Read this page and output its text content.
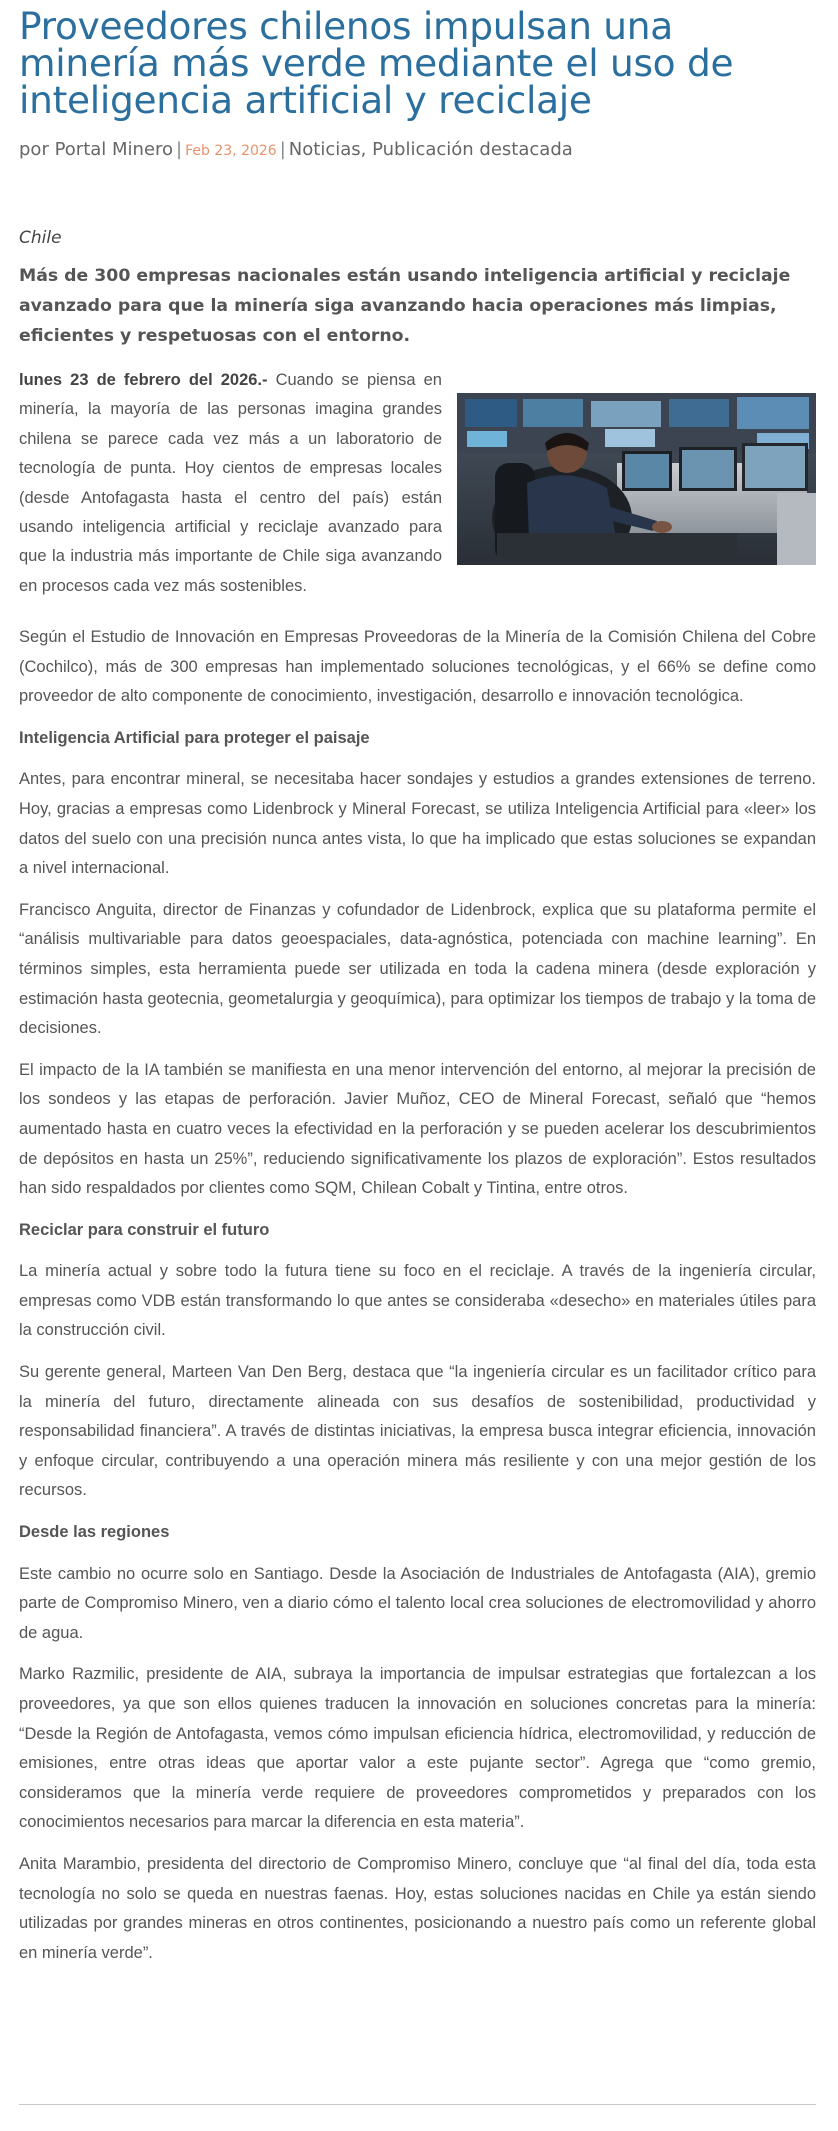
Proveedores chilenos impulsan una minería más verde mediante el uso de inteligencia artificial y reciclaje
por Portal Minero | Feb 23, 2026 | Noticias, Publicación destacada
Chile

Más de 300 empresas nacionales están usando inteligencia artificial y reciclaje avanzado para que la minería siga avanzando hacia operaciones más limpias, eficientes y respetuosas con el entorno.

lunes 23 de febrero del 2026.- Cuando se piensa en minería, la mayoría de las personas imagina grandes chilena se parece cada vez más a un laboratorio de tecnología de punta. Hoy cientos de empresas locales (desde Antofagasta hasta el centro del país) están usando inteligencia artificial y reciclaje avanzado para que la industria más importante de Chile siga avanzando en procesos cada vez más sostenibles.

Según el Estudio de Innovación en Empresas Proveedoras de la Minería de la Comisión Chilena del Cobre (Cochilco), más de 300 empresas han implementado soluciones tecnológicas, y el 66% se define como proveedor de alto componente de conocimiento, investigación, desarrollo e innovación tecnológica.

Inteligencia Artificial para proteger el paisaje

Antes, para encontrar mineral, se necesitaba hacer sondajes y estudios a grandes extensiones de terreno. Hoy, gracias a empresas como Lidenbrock y Mineral Forecast, se utiliza Inteligencia Artificial para «leer» los datos del suelo con una precisión nunca antes vista, lo que ha implicado que estas soluciones se expandan a nivel internacional.

Francisco Anguita, director de Finanzas y cofundador de Lidenbrock, explica que su plataforma permite el “análisis multivariable para datos geoespaciales, data-agnóstica, potenciada con machine learning”. En términos simples, esta herramienta puede ser utilizada en toda la cadena minera (desde exploración y estimación hasta geotecnia, geometalurgia y geoquímica), para optimizar los tiempos de trabajo y la toma de decisiones.

El impacto de la IA también se manifiesta en una menor intervención del entorno, al mejorar la precisión de los sondeos y las etapas de perforación. Javier Muñoz, CEO de Mineral Forecast, señaló que “hemos aumentado hasta en cuatro veces la efectividad en la perforación y se pueden acelerar los descubrimientos de depósitos en hasta un 25%”, reduciendo significativamente los plazos de exploración”. Estos resultados han sido respaldados por clientes como SQM, Chilean Cobalt y Tintina, entre otros.

Reciclar para construir el futuro

La minería actual y sobre todo la futura tiene su foco en el reciclaje. A través de la ingeniería circular, empresas como VDB están transformando lo que antes se consideraba «desecho» en materiales útiles para la construcción civil.

Su gerente general, Marteen Van Den Berg, destaca que “la ingeniería circular es un facilitador crítico para la minería del futuro, directamente alineada con sus desafíos de sostenibilidad, productividad y responsabilidad financiera”. A través de distintas iniciativas, la empresa busca integrar eficiencia, innovación y enfoque circular, contribuyendo a una operación minera más resiliente y con una mejor gestión de los recursos.

Desde las regiones

Este cambio no ocurre solo en Santiago. Desde la Asociación de Industriales de Antofagasta (AIA), gremio parte de Compromiso Minero, ven a diario cómo el talento local crea soluciones de electromovilidad y ahorro de agua.

Marko Razmilic, presidente de AIA, subraya la importancia de impulsar estrategias que fortalezcan a los proveedores, ya que son ellos quienes traducen la innovación en soluciones concretas para la minería: “Desde la Región de Antofagasta, vemos cómo impulsan eficiencia hídrica, electromovilidad, y reducción de emisiones, entre otras ideas que aportar valor a este pujante sector”. Agrega que “como gremio, consideramos que la minería verde requiere de proveedores comprometidos y preparados con los conocimientos necesarios para marcar la diferencia en esta materia”.

Anita Marambio, presidenta del directorio de Compromiso Minero, concluye que “al final del día, toda esta tecnología no solo se queda en nuestras faenas. Hoy, estas soluciones nacidas en Chile ya están siendo utilizadas por grandes mineras en otros continentes, posicionando a nuestro país como un referente global en minería verde”.
